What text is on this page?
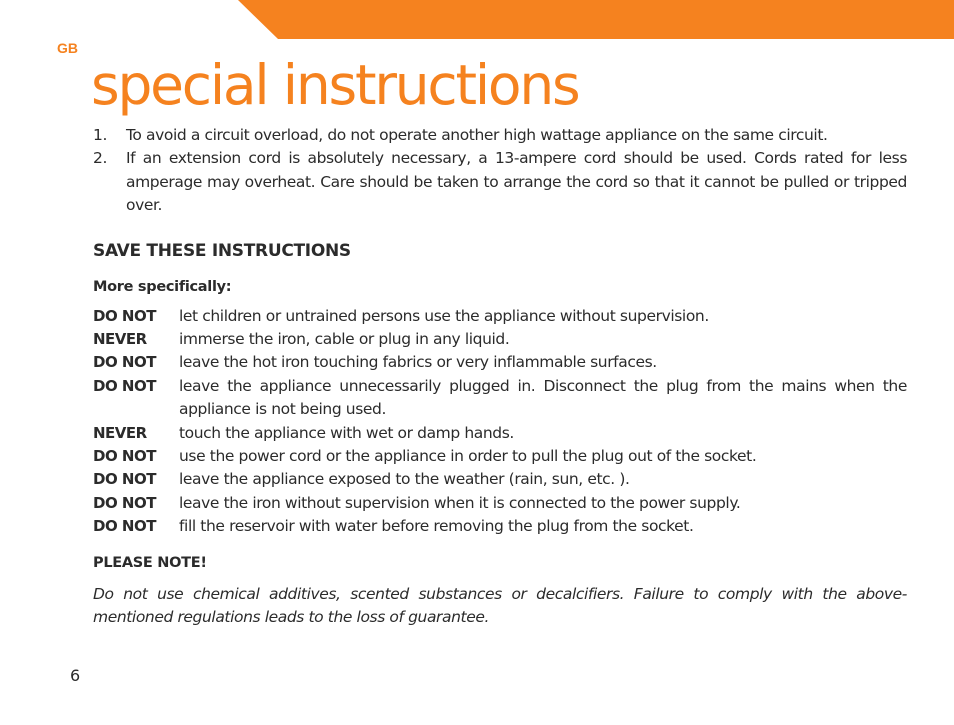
GB
special instructions
1.	To avoid a circuit overload, do not operate another high wattage appliance on the same circuit.
2.	If an extension cord is absolutely necessary, a 13-ampere cord should be used. Cords rated for less amperage may overheat. Care should be taken to arrange the cord so that it cannot be pulled or tripped over.
SAVE THESE INSTRUCTIONS

More specifically:

DO NOT	let children or untrained persons use the appliance without supervision.
NEVER	immerse the iron, cable or plug in any liquid.
DO NOT	leave the hot iron touching fabrics or very inflammable surfaces.
DO NOT	leave the appliance unnecessarily plugged in. Disconnect the plug from the mains when the appliance is not being used.
NEVER	touch the appliance with wet or damp hands.
DO NOT	use the power cord or the appliance in order to pull the plug out of the socket.
DO NOT	leave the appliance exposed to the weather (rain, sun, etc. ).
DO NOT	leave the iron without supervision when it is connected to the power supply.
DO NOT	fill the reservoir with water before removing the plug from the socket.

PLEASE NOTE!

Do not use chemical additives, scented substances or decalcifiers. Failure to comply with the above-mentioned regulations leads to the loss of guarantee.

6
